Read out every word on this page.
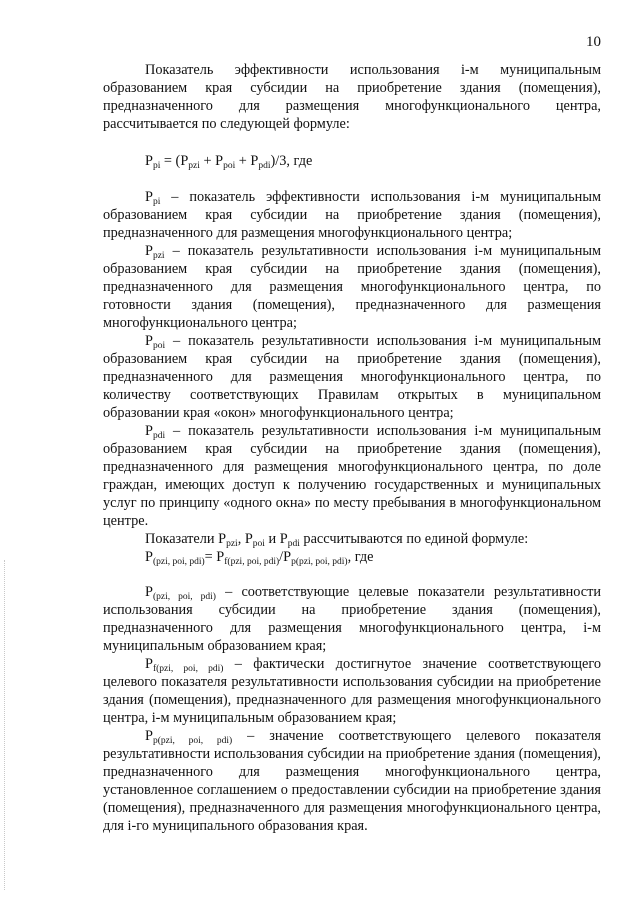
10

Показатель эффективности использования i-м муниципальным образованием края субсидии на приобретение здания (помещения), предназначенного для размещения многофункционального центра, рассчитывается по следующей формуле:

$P_{pi} = (P_{pzi} + P_{poi} + P_{pdi})/3$, где

$P_{pi}$ – показатель эффективности использования i-м муниципальным образованием края субсидии на приобретение здания (помещения), предназначенного для размещения многофункционального центра;

$P_{pzi}$ – показатель результативности использования i-м муниципальным образованием края субсидии на приобретение здания (помещения), предназначенного для размещения многофункционального центра, по готовности здания (помещения), предназначенного для размещения многофункционального центра;

$P_{poi}$ – показатель результативности использования i-м муниципальным образованием края субсидии на приобретение здания (помещения), предназначенного для размещения многофункционального центра, по количеству соответствующих Правилам открытых в муниципальном образовании края «окон» многофункционального центра;

$P_{pdi}$ – показатель результативности использования i-м муниципальным образованием края субсидии на приобретение здания (помещения), предназначенного для размещения многофункционального центра, по доле граждан, имеющих доступ к получению государственных и муниципальных услуг по принципу «одного окна» по месту пребывания в многофункциональном центре.

Показатели $P_{pzi}$, $P_{poi}$ и $P_{pdi}$ рассчитываются по единой формуле:

$P_{(pzi, poi, pdi)}= P_{f(pzi, poi, pdi)}/P_{p(pzi, poi, pdi)}$, где

$P_{(pzi, poi, pdi)}$ – соответствующие целевые показатели результативности использования субсидии на приобретение здания (помещения), предназначенного для размещения многофункционального центра, i-м муниципальным образованием края;

$P_{f(pzi, poi, pdi)}$ – фактически достигнутое значение соответствующего целевого показателя результативности использования субсидии на приобретение здания (помещения), предназначенного для размещения многофункционального центра, i-м муниципальным образованием края;

$P_{p(pzi, poi, pdi)}$ – значение соответствующего целевого показателя результативности использования субсидии на приобретение здания (помещения), предназначенного для размещения многофункционального центра, установленное соглашением о предоставлении субсидии на приобретение здания (помещения), предназначенного для размещения многофункционального центра, для i-го муниципального образования края.
